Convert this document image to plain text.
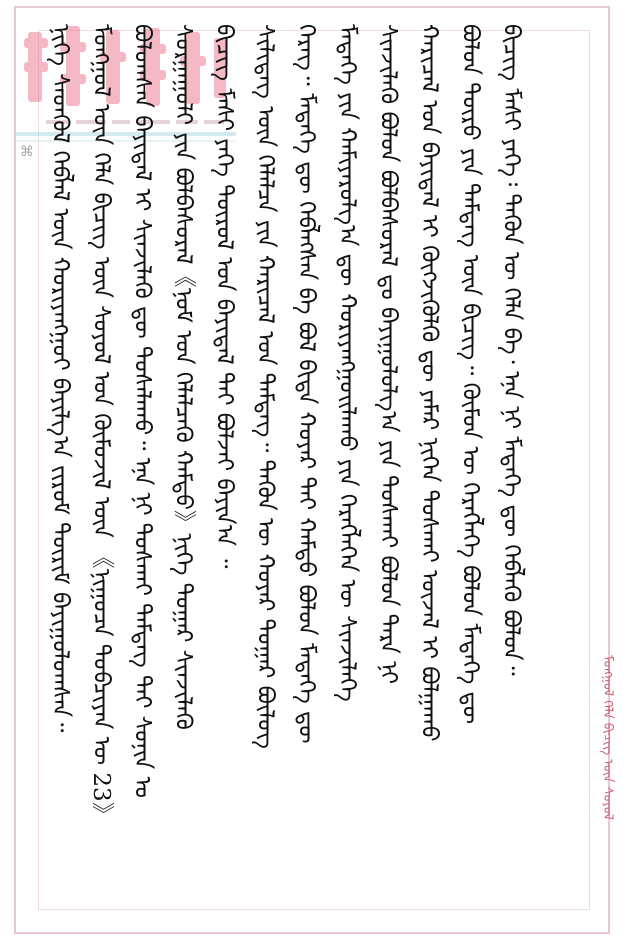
⌘ ᠨᠢᠭᠡ ᠰᠡᠳᠬᠦᠯ ᠬᠡᠪᠯᠡᠯ ᠦᠨ ᠬᠤᠷᠢᠶᠠᠩᠭᠤᠢ ᠪᠠᠶᠢᠯᠭ᠎ᠠ ᠵᠢᠷᠤᠮ ᠳᠦᠷᠢᠮ ᠪᠠᠶᠢᠭᠤᠯᠤᠭᠰᠠᠨ᠃ ᠮᠣᠩᠭᠤᠯ ᠦᠨ ᠬᠡᠯᠡ ᠪᠢᠴᠢᠭ ᠦᠨ ᠰᠣᠶᠣᠯ ᠤᠨ ᠬᠦᠮᠦᠵᠢᠯ ᠦᠨ 《ᠨᠢᠭᠤᠴᠠ ᠲᠣᠪᠴᠢᠶᠠᠨ ᠦ 23》 ᠪᠣᠯᠤᠭᠰᠠᠨ ᠪᠠᠶᠢᠳᠠᠯ ᠢ ᠰᠢᠨᠵᠢᠯᠡᠬᠦ ᠳᠦ ᠲᠤᠰᠠᠯᠠᠬᠤ᠃ ᠡᠨᠡ ᠨᠢ ᠲᠤᠰᠬᠠᠢ ᠲᠡᠮᠳᠡᠭ ᠲᠡᠢ ᠰᠣᠨᠢᠨ ᠤ ᠰᠤᠷᠭᠠᠭᠤᠯᠢ ᠶᠢᠨ ᠪᠣᠯᠪᠠᠰᠤᠷᠠᠯ《ᠨᠣᠮ ᠤᠨ ᠬᠡᠯᠡᠯᠴᠡᠬᠦ ᠬᠠᠮᠲᠤ》ᠨᠢᠭᠡ ᠳᠤᠭᠠᠷ ᠰᠢᠨᠵᠢᠯᠡᠬᠦ ᠪᠢᠴᠢᠭ᠌ ᠮᠠᠰᠢ ᠶᠡᠬᠡ ᠲᠦᠷᠦᠯ ᠤᠨ ᠪᠠᠶᠢᠳᠠᠯ ᠲᠠᠢ ᠪᠣᠯᠵᠠᠢ ᠪᠠᠶᠢᠨ᠎ᠠ ᠃ ᠰᠢᠯᠢᠳᠡᠭ ᠦᠨ ᠬᠡᠯᠡᠯᠴᠡ ᠶᠢᠨ ᠬᠠᠷᠢᠴᠠᠯ ᠤᠨ ᠲᠡᠮᠳᠡᠭ᠃ ᠲᠡᠭᠦᠨ ᠦ ᠬᠣᠶᠠᠷ ᠳᠤᠭᠠᠷ ᠪᠦᠯᠦᠭ ᠬᠡᠷᠡᠭ᠃ ᠮᠡᠳᠡᠭᠡ ᠳᠦ ᠬᠡᠪᠯᠡᠭᠰᠡᠨ ᠪᠠ ᠪᠣᠯ ᠪᠢᠳᠡ ᠬᠣᠶᠠᠷ ᠲᠠᠢ ᠬᠠᠮᠲᠤ ᠪᠣᠯᠤᠨ ᠮᠡᠳᠡᠭᠡ ᠳᠦ ᠮᠡᠳᠡᠭᠡ ᠶᠢᠨ ᠬᠠᠮᠢᠶᠠᠷᠤᠯᠭ᠎ᠠ ᠳᠦ ᠬᠣᠷᠢᠶᠠᠩᠭᠤᠢᠯᠠᠬᠤ ᠶᠢᠨ ᠬᠡᠷᠡᠭᠯᠡᠭᠡᠨ ᠦ ᠰᠢᠨᠵᠢᠯᠡᠭᠡ ᠰᠢᠨᠵᠢᠯᠡᠬᠦ ᠪᠣᠯᠤᠨ ᠪᠣᠯᠪᠠᠰᠤᠷᠠᠯ ᠳᠤ ᠪᠠᠶᠢᠭᠤᠯᠤᠯᠭ᠎ᠠ ᠶᠢᠨ ᠲᠤᠰᠬᠠᠢ ᠪᠣᠯᠤᠨ ᠲᠡᠷᠡ ᠨᠢ ᠬᠠᠷᠢᠴᠠᠯ ᠤᠨ ᠪᠠᠶᠢᠳᠠᠯ ᠢ ᠬᠥᠭᠵᠢᠭᠦᠯᠬᠦ ᠳᠦ ᠶᠠᠮᠠᠷ ᠨᠢᠭᠡᠨ ᠲᠤᠰᠬᠠᠢ ᠦᠵᠡᠯ ᠢ ᠪᠣᠯᠭᠠᠬᠤ ᠪᠣᠯᠤᠨ ᠲᠦᠷᠦ ᠶᠢᠨ ᠲᠡᠮᠳᠡᠭ ᠦᠨ ᠪᠢᠴᠢᠭ᠃ ᠬᠦᠮᠦᠨ ᠦ ᠬᠡᠷᠡᠭᠯᠡᠭᠡ ᠪᠣᠯᠤᠨ ᠮᠡᠳᠡᠭᠡ ᠳᠦ ᠪᠢᠴᠢᠭ᠌ ᠮᠠᠰᠢ ᠶᠡᠬᠡ᠄ ᠲᠡᠭᠦᠨ ᠦ ᠬᠡᠯᠡ ᠪᠡ᠂ ᠡᠨᠡ ᠨᠢ ᠮᠡᠳᠡᠭᠡ ᠳᠦ ᠬᠡᠪᠯᠡᠬᠦ ᠪᠣᠯᠤᠨ᠃
ᠮᠣᠩᠭᠤᠯ ᠬᠡᠯᠡ ᠪᠢᠴᠢᠭ ᠦᠨ ᠰᠣᠶᠣᠯ
